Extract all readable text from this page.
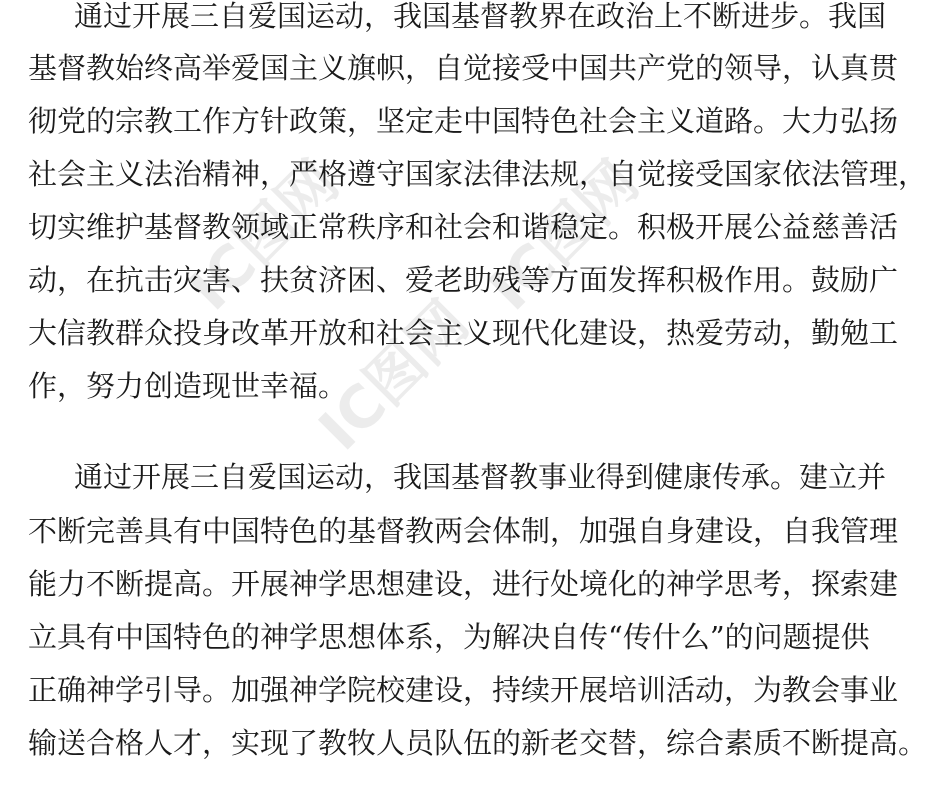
IC图网 IC图网
IC图网
通过开展三自爱国运动，我国基督教界在政治上不断进步。我国
基督教始终高举爱国主义旗帜，自觉接受中国共产党的领导，认真贯
彻党的宗教工作方针政策，坚定走中国特色社会主义道路。大力弘扬
社会主义法治精神，严格遵守国家法律法规，自觉接受国家依法管理，
切实维护基督教领域正常秩序和社会和谐稳定。积极开展公益慈善活
动，在抗击灾害、扶贫济困、爱老助残等方面发挥积极作用。鼓励广
大信教群众投身改革开放和社会主义现代化建设，热爱劳动，勤勉工
作，努力创造现世幸福。
通过开展三自爱国运动，我国基督教事业得到健康传承。建立并
不断完善具有中国特色的基督教两会体制，加强自身建设，自我管理
能力不断提高。开展神学思想建设，进行处境化的神学思考，探索建
立具有中国特色的神学思想体系，为解决自传“传什么”的问题提供
正确神学引导。加强神学院校建设，持续开展培训活动，为教会事业
输送合格人才，实现了教牧人员队伍的新老交替，综合素质不断提高。
